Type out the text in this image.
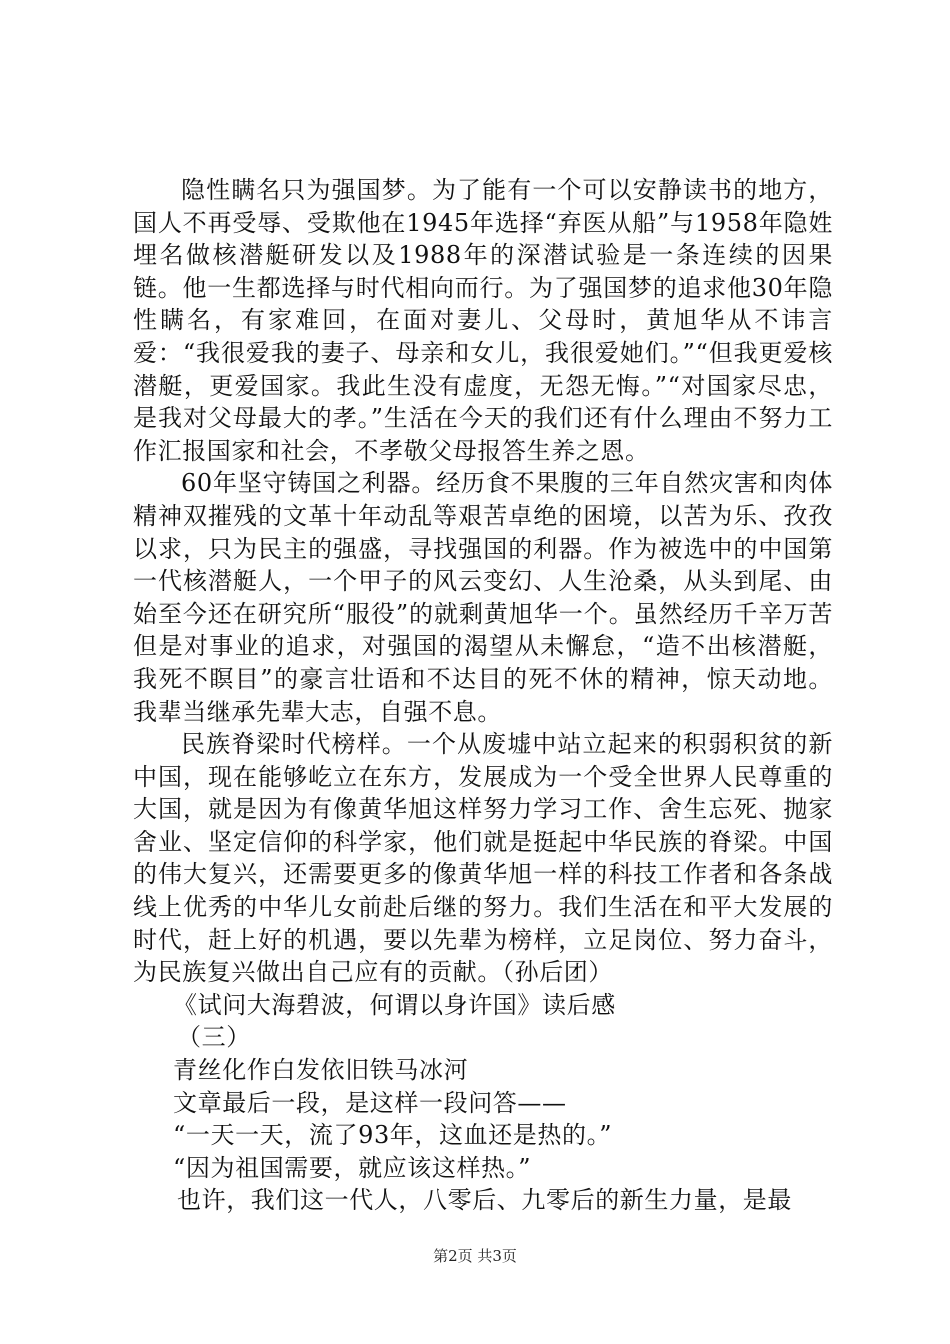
隐性瞒名只为强国梦。为了能有一个可以安静读书的地方，国人不再受辱、受欺他在1945年选择“弃医从船”与1958年隐姓埋名做核潜艇研发以及1988年的深潜试验是一条连续的因果链。他一生都选择与时代相向而行。为了强国梦的追求他30年隐性瞒名，有家难回，在面对妻儿、父母时，黄旭华从不讳言爱：“我很爱我的妻子、母亲和女儿，我很爱她们。”“但我更爱核潜艇，更爱国家。我此生没有虚度，无怨无悔。”“对国家尽忠，是我对父母最大的孝。”生活在今天的我们还有什么理由不努力工作汇报国家和社会，不孝敬父母报答生养之恩。

60年坚守铸国之利器。经历食不果腹的三年自然灾害和肉体精神双摧残的文革十年动乱等艰苦卓绝的困境，以苦为乐、孜孜以求，只为民主的强盛，寻找强国的利器。作为被选中的中国第一代核潜艇人，一个甲子的风云变幻、人生沧桑，从头到尾、由始至今还在研究所“服役”的就剩黄旭华一个。虽然经历千辛万苦但是对事业的追求，对强国的渴望从未懈怠，“造不出核潜艇，我死不瞑目”的豪言壮语和不达目的死不休的精神，惊天动地。我辈当继承先辈大志，自强不息。

民族脊梁时代榜样。一个从废墟中站立起来的积弱积贫的新中国，现在能够屹立在东方，发展成为一个受全世界人民尊重的大国，就是因为有像黄华旭这样努力学习工作、舍生忘死、抛家舍业、坚定信仰的科学家，他们就是挺起中华民族的脊梁。中国的伟大复兴，还需要更多的像黄华旭一样的科技工作者和各条战线上优秀的中华儿女前赴后继的努力。我们生活在和平大发展的时代，赶上好的机遇，要以先辈为榜样，立足岗位、努力奋斗，为民族复兴做出自己应有的贡献。（孙后团）

《试问大海碧波，何谓以身许国》读后感

（三）

青丝化作白发依旧铁马冰河

文章最后一段，是这样一段问答——

“一天一天，流了93年，这血还是热的。”

“因为祖国需要，就应该这样热。”

也许，我们这一代人，八零后、九零后的新生力量，是最

第2页 共3页
